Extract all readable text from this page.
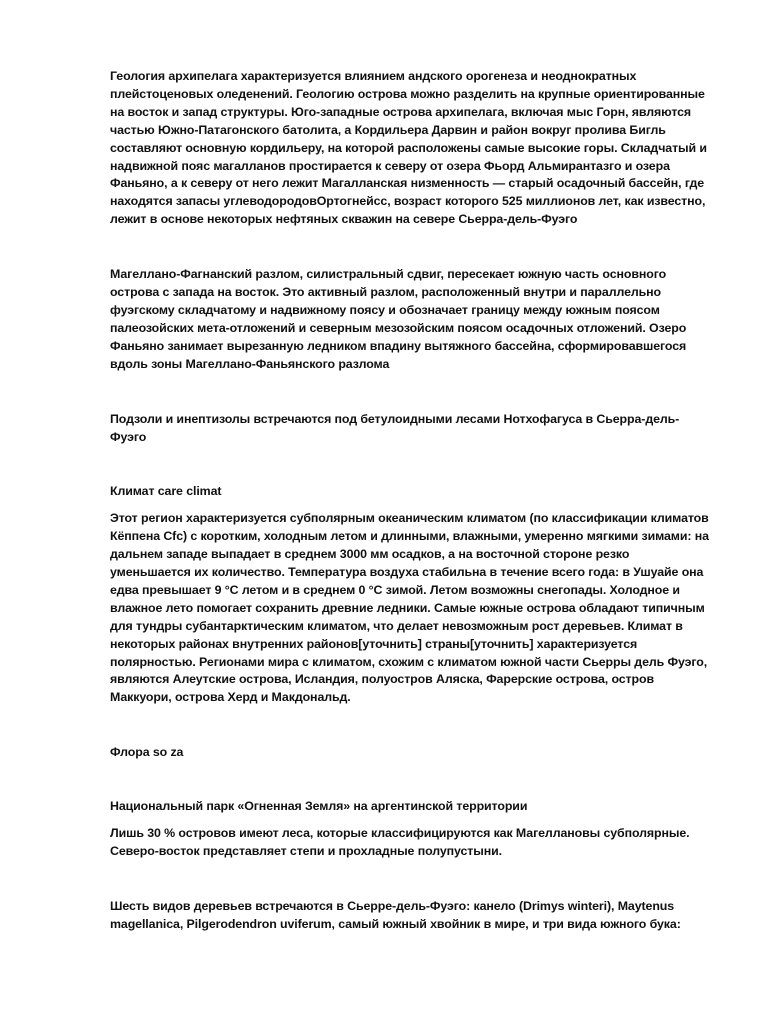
Геология архипелага характеризуется влиянием андского орогенеза и неоднократных плейстоценовых оледенений. Геологию острова можно разделить на крупные ориентированные на восток и запад структуры. Юго-западные острова архипелага, включая мыс Горн, являются частью Южно-Патагонского батолита, а Кордильера Дарвин и район вокруг пролива Бигль составляют основную кордильеру, на которой расположены самые высокие горы. Складчатый и надвижной пояс магалланов простирается к северу от озера Фьорд Альмирантазго и озера Фаньяно, а к северу от него лежит Магалланская низменность — старый осадочный бассейн, где находятся запасы углеводородовОртогнейсс, возраст которого 525 миллионов лет, как известно, лежит в основе некоторых нефтяных скважин на севере Сьерра-дель-Фуэго

Магеллано-Фагнанский разлом, силистральный сдвиг, пересекает южную часть основного острова с запада на восток. Это активный разлом, расположенный внутри и параллельно фуэгскому складчатому и надвижному поясу и обозначает границу между южным поясом палеозойских мета-отложений и северным мезозойским поясом осадочных отложений. Озеро Фаньяно занимает вырезанную ледником впадину вытяжного бассейна, сформировавшегося вдоль зоны Магеллано-Фаньянского разлома

Подзоли и инептизолы встречаются под бетулоидными лесами Нотхофагуса в Сьерра-дель-Фуэго

Климат care climat

Этот регион характеризуется субполярным океаническим климатом (по классификации климатов Кёппена Cfc) с коротким, холодным летом и длинными, влажными, умеренно мягкими зимами: на дальнем западе выпадает в среднем 3000 мм осадков, а на восточной стороне резко уменьшается их количество. Температура воздуха стабильна в течение всего года: в Ушуайе она едва превышает 9 °C летом и в среднем 0 °C зимой. Летом возможны снегопады. Холодное и влажное лето помогает сохранить древние ледники. Самые южные острова обладают типичным для тундры субантарктическим климатом, что делает невозможным рост деревьев. Климат в некоторых районах внутренних районов[уточнить] страны[уточнить] характеризуется полярностью. Регионами мира с климатом, схожим с климатом южной части Сьерры дель Фуэго, являются Алеутские острова, Исландия, полуостров Аляска, Фарерские острова, остров Маккуори, острова Херд и Макдональд.

Флора so za

Национальный парк «Огненная Земля» на аргентинской территории

Лишь 30 % островов имеют леса, которые классифицируются как Магеллановы субполярные. Северо-восток представляет степи и прохладные полупустыни.

Шесть видов деревьев встречаются в Сьерре-дель-Фуэго: канело (Drimys winteri), Maytenus magellanica, Pilgerodendron uviferum, самый южный хвойник в мире, и три вида южного бука:
